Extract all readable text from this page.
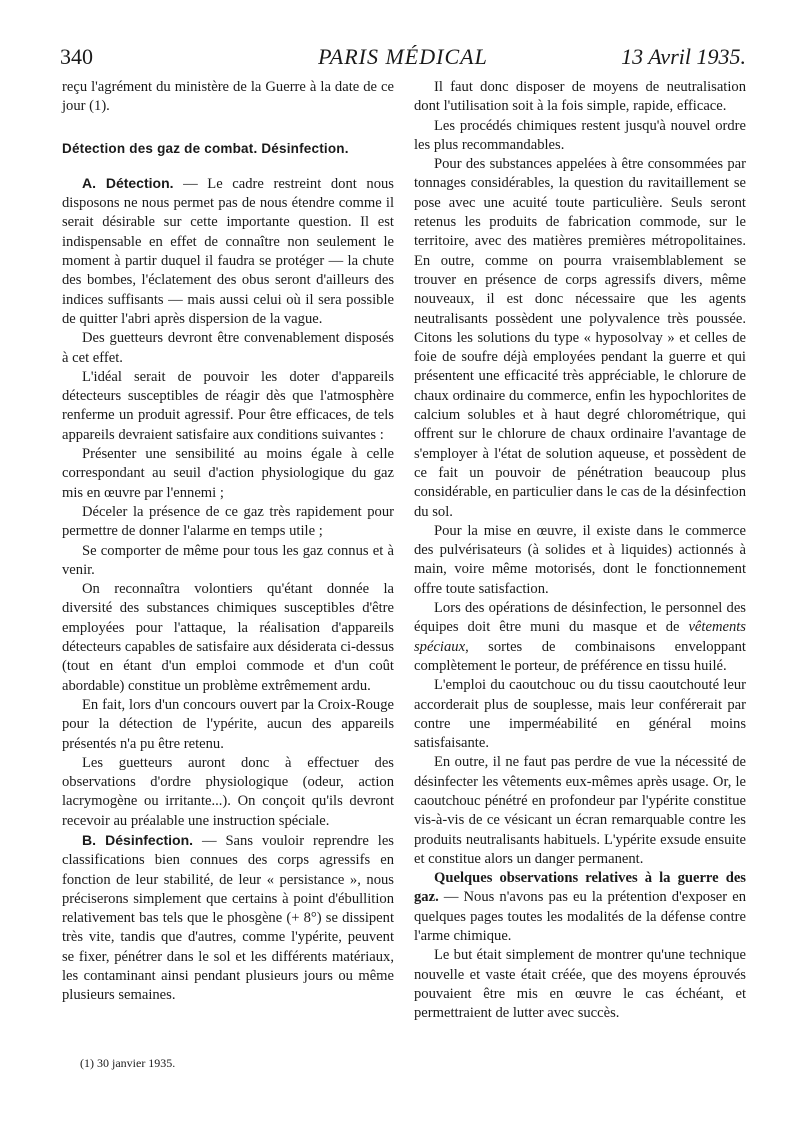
340	PARIS MÉDICAL	13 Avril 1935.

reçu l'agrément du ministère de la Guerre à la date de ce jour (1).

Détection des gaz de combat. Désinfection.

A. Détection. — Le cadre restreint dont nous disposons ne nous permet pas de nous étendre comme il serait désirable sur cette importante question. Il est indispensable en effet de connaître non seulement le moment à partir duquel il faudra se protéger — la chute des bombes, l'éclatement des obus seront d'ailleurs des indices suffisants — mais aussi celui où il sera possible de quitter l'abri après dispersion de la vague.

Des guetteurs devront être convenablement disposés à cet effet.

L'idéal serait de pouvoir les doter d'appareils détecteurs susceptibles de réagir dès que l'atmosphère renferme un produit agressif. Pour être efficaces, de tels appareils devraient satisfaire aux conditions suivantes :

Présenter une sensibilité au moins égale à celle correspondant au seuil d'action physiologique du gaz mis en œuvre par l'ennemi ;

Déceler la présence de ce gaz très rapidement pour permettre de donner l'alarme en temps utile ;

Se comporter de même pour tous les gaz connus et à venir.

On reconnaîtra volontiers qu'étant donnée la diversité des substances chimiques susceptibles d'être employées pour l'attaque, la réalisation d'appareils détecteurs capables de satisfaire aux désiderata ci-dessus (tout en étant d'un emploi commode et d'un coût abordable) constitue un problème extrêmement ardu.

En fait, lors d'un concours ouvert par la Croix-Rouge pour la détection de l'ypérite, aucun des appareils présentés n'a pu être retenu.

Les guetteurs auront donc à effectuer des observations d'ordre physiologique (odeur, action lacrymogène ou irritante...). On conçoit qu'ils devront recevoir au préalable une instruction spéciale.

B. Désinfection. — Sans vouloir reprendre les classifications bien connues des corps agressifs en fonction de leur stabilité, de leur « persistance », nous préciserons simplement que certains à point d'ébullition relativement bas tels que le phosgène (+ 8°) se dissipent très vite, tandis que d'autres, comme l'ypérite, peuvent se fixer, pénétrer dans le sol et les différents matériaux, les contaminant ainsi pendant plusieurs jours ou même plusieurs semaines.

Il faut donc disposer de moyens de neutralisation dont l'utilisation soit à la fois simple, rapide, efficace.

Les procédés chimiques restent jusqu'à nouvel ordre les plus recommandables.

Pour des substances appelées à être consommées par tonnages considérables, la question du ravitaillement se pose avec une acuité toute particulière. Seuls seront retenus les produits de fabrication commode, sur le territoire, avec des matières premières métropolitaines. En outre, comme on pourra vraisemblablement se trouver en présence de corps agressifs divers, même nouveaux, il est donc nécessaire que les agents neutralisants possèdent une polyvalence très poussée. Citons les solutions du type « hyposolvay » et celles de foie de soufre déjà employées pendant la guerre et qui présentent une efficacité très appréciable, le chlorure de chaux ordinaire du commerce, enfin les hypochlorites de calcium solubles et à haut degré chlorométrique, qui offrent sur le chlorure de chaux ordinaire l'avantage de s'employer à l'état de solution aqueuse, et possèdent de ce fait un pouvoir de pénétration beaucoup plus considérable, en particulier dans le cas de la désinfection du sol.

Pour la mise en œuvre, il existe dans le commerce des pulvérisateurs (à solides et à liquides) actionnés à main, voire même motorisés, dont le fonctionnement offre toute satisfaction.

Lors des opérations de désinfection, le personnel des équipes doit être muni du masque et de vêtements spéciaux, sortes de combinaisons enveloppant complètement le porteur, de préférence en tissu huilé.

L'emploi du caoutchouc ou du tissu caoutchouté leur accorderait plus de souplesse, mais leur conférerait par contre une imperméabilité en général moins satisfaisante.

En outre, il ne faut pas perdre de vue la nécessité de désinfecter les vêtements eux-mêmes après usage. Or, le caoutchouc pénétré en profondeur par l'ypérite constitue vis-à-vis de ce vésicant un écran remarquable contre les produits neutralisants habituels. L'ypérite exsude ensuite et constitue alors un danger permanent.

Quelques observations relatives à la guerre des gaz. — Nous n'avons pas eu la prétention d'exposer en quelques pages toutes les modalités de la défense contre l'arme chimique.

Le but était simplement de montrer qu'une technique nouvelle et vaste était créée, que des moyens éprouvés pouvaient être mis en œuvre le cas échéant, et permettraient de lutter avec succès.

(1) 30 janvier 1935.
